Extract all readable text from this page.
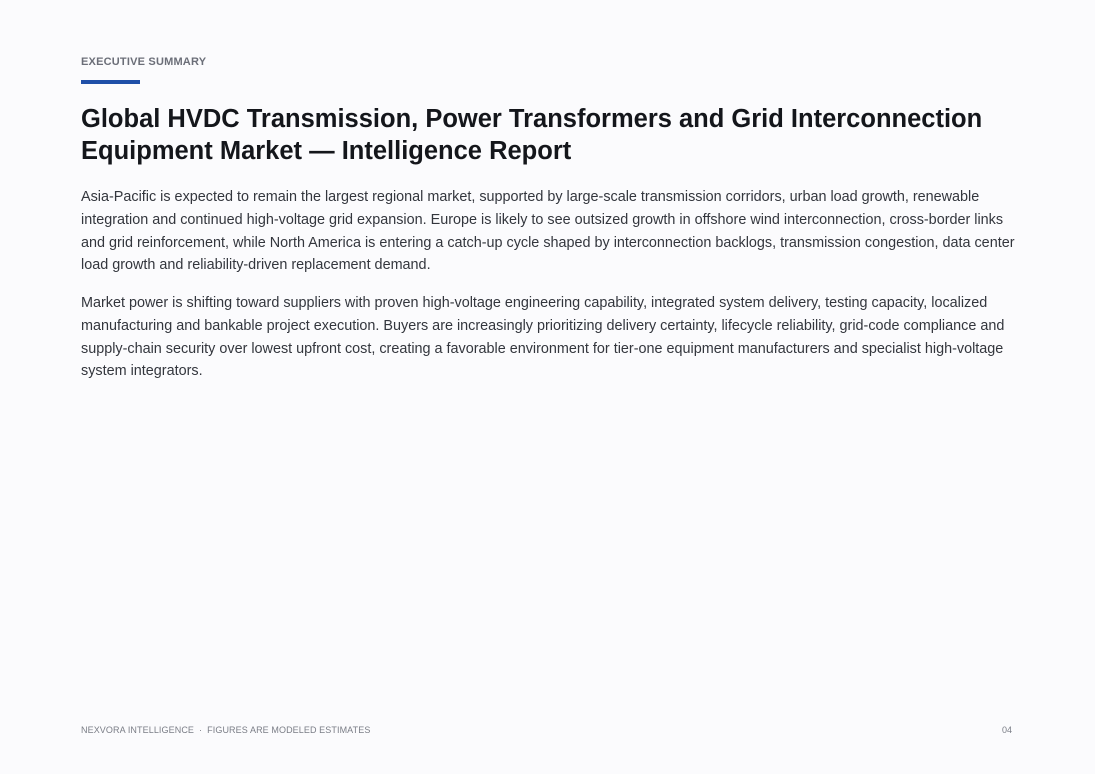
EXECUTIVE SUMMARY
Global HVDC Transmission, Power Transformers and Grid Interconnection Equipment Market — Intelligence Report

Asia-Pacific is expected to remain the largest regional market, supported by large-scale transmission corridors, urban load growth, renewable integration and continued high-voltage grid expansion. Europe is likely to see outsized growth in offshore wind interconnection, cross-border links and grid reinforcement, while North America is entering a catch-up cycle shaped by interconnection backlogs, transmission congestion, data center load growth and reliability-driven replacement demand.

Market power is shifting toward suppliers with proven high-voltage engineering capability, integrated system delivery, testing capacity, localized manufacturing and bankable project execution. Buyers are increasingly prioritizing delivery certainty, lifecycle reliability, grid-code compliance and supply-chain security over lowest upfront cost, creating a favorable environment for tier-one equipment manufacturers and specialist high-voltage system integrators.

NEXVORA INTELLIGENCE · FIGURES ARE MODELED ESTIMATES	04
